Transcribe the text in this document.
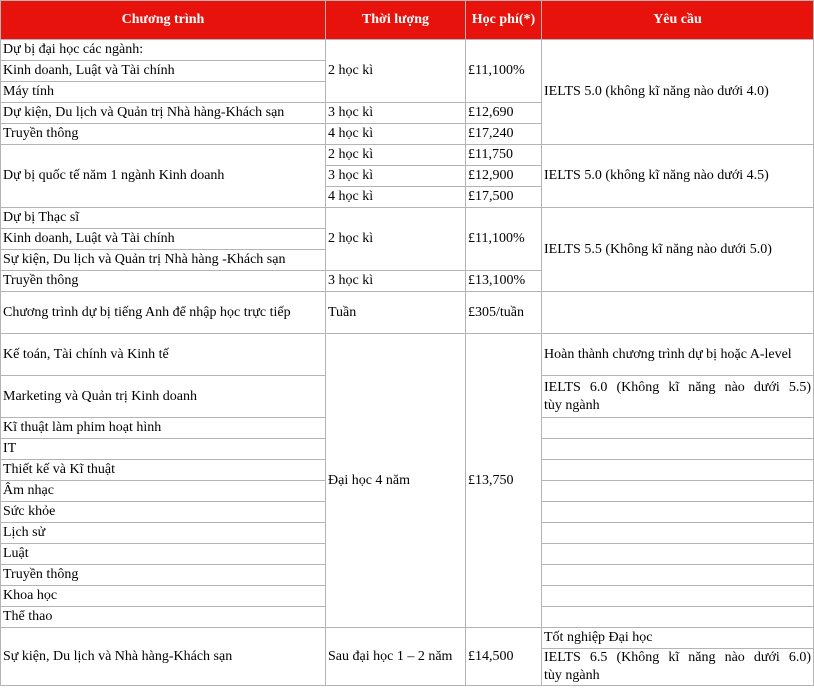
Chương trình	Thời lượng	Học phí(*)	Yêu cầu
Dự bị đại học các ngành:	2 học kì	£11,100%	IELTS 5.0 (không kĩ năng nào dưới 4.0)
Kinh doanh, Luật và Tài chính			
Máy tính			
Dự kiện, Du lịch và Quản trị Nhà hàng-Khách sạn	3 học kì	£12,690	
Truyền thông	4 học kì	£17,240	
Dự bị quốc tế năm 1 ngành Kinh doanh	2 học kì	£11,750	IELTS 5.0 (không kĩ năng nào dưới 4.5)
	3 học kì	£12,900	
	4 học kì	£17,500	
Dự bị Thạc sĩ	2 học kì	£11,100%	IELTS 5.5 (Không kĩ năng nào dưới 5.0)
Kinh doanh, Luật và Tài chính			
Sự kiện, Du lịch và Quản trị Nhà hàng -Khách sạn			
Truyền thông	3 học kì	£13,100%	
Chương trình dự bị tiếng Anh để nhập học trực tiếp	Tuần	£305/tuần	
Kế toán, Tài chính và Kinh tế	Đại học 4 năm	£13,750	Hoàn thành chương trình dự bị hoặc A-level
Marketing và Quản trị Kinh doanh			IELTS 6.0 (Không kĩ năng nào dưới 5.5)
tùy ngành
Kĩ thuật làm phim hoạt hình			
IT			
Thiết kế và Kĩ thuật			
Âm nhạc			
Sức khỏe			
Lịch sử			
Luật			
Truyền thông			
Khoa học			
Thể thao			
Sự kiện, Du lịch và Nhà hàng-Khách sạn	Sau đại học 1 – 2 năm	£14,500	Tốt nghiệp Đại học

			IELTS 6.5 (Không kĩ năng nào dưới 6.0)
tùy ngành
